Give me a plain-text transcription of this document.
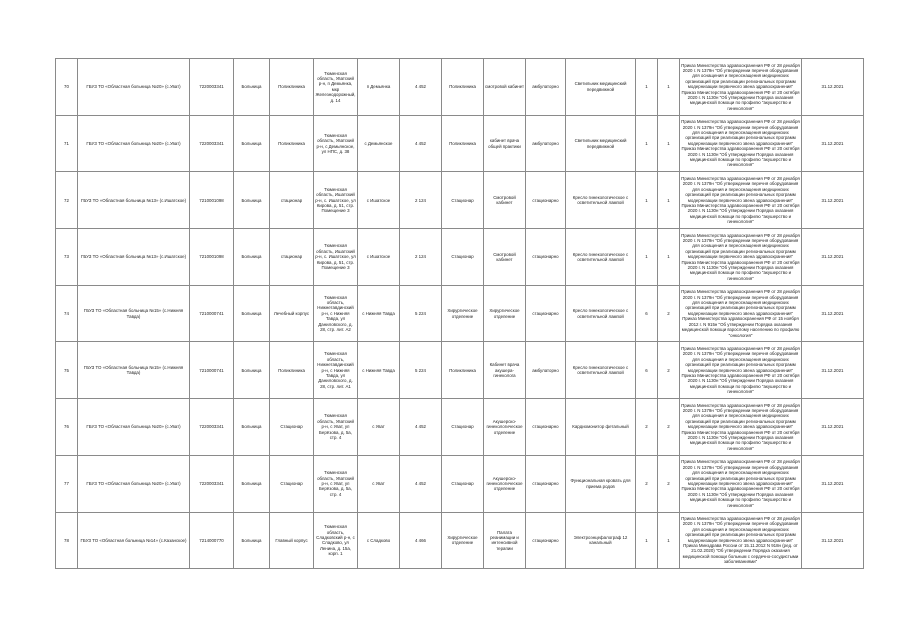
70	ГБУЗ ТО «Областная больница №20» (с.Уват)	7220003341	Больница	Поликлиника	Тюменская область, Уватский р-н, п Демьянка, мкр Железнодорожный, д. 14	п Демьянка	4 452	Поликлиника	смотровой кабинет	амбулаторно	Светильник медицинский передвижной	1	1	Приказ Министерства здравоохранения РФ от 28 декабря 2020 г. N 1379н "Об утверждении перечня оборудования для оснащения и переоснащения медицинских организаций при реализации региональных программ модернизации первичного звена здравоохранения" Приказ Министерства здравоохранения РФ от 20 октября 2020 г. N 1130н "Об утверждении Порядка оказания медицинской помощи по профилю "акушерство и гинекология"	31.12.2021
71	ГБУЗ ТО «Областная больница №20» (с.Уват)	7220003341	Больница	Поликлиника	Тюменская область, Уватский р-н, с Демьянское, ул НПС, д. 38	с Демьянское	4 452	Поликлиника	кабинет врача общей практики	амбулаторно	Светильник медицинский передвижной	1	1	Приказ Министерства здравоохранения РФ от 28 декабря 2020 г. N 1379н "Об утверждении перечня оборудования для оснащения и переоснащения медицинских организаций при реализации региональных программ модернизации первичного звена здравоохранения" Приказ Министерства здравоохранения РФ от 20 октября 2020 г. N 1130н "Об утверждении Порядка оказания медицинской помощи по профилю "акушерство и гинекология"	31.12.2021
72	ГБУЗ ТО «Областная больница №13» (с.Ишатское)	7210001098	Больница	стационар	Тюменская область, Ишатский р-н, с. Ишатское, ул Кирова, д. 51, стр. Помещение 3	с Ишатское	2 124	Стационар	Смотровой кабинет	стационарно	Кресло гинекологическое с осветительной лампой	1	1	Приказ Министерства здравоохранения РФ от 28 декабря 2020 г. N 1379н "Об утверждении перечня оборудования для оснащения и переоснащения медицинских организаций при реализации региональных программ модернизации первичного звена здравоохранения" Приказ Министерства здравоохранения РФ от 20 октября 2020 г. N 1130н "Об утверждении Порядка оказания медицинской помощи по профилю "акушерство и гинекология"	31.12.2021
73	ГБУЗ ТО «Областная больница №13» (с.Ишатское)	7210001098	Больница	стационар	Тюменская область, Ишатский р-н, с. Ишатское, ул Кирова, д. 51, стр. Помещение 3	с Ишатское	2 124	Стационар	Смотровой кабинет	стационарно	Кресло гинекологическое с осветительной лампой	1	1	Приказ Министерства здравоохранения РФ от 28 декабря 2020 г. N 1379н "Об утверждении перечня оборудования для оснащения и переоснащения медицинских организаций при реализации региональных программ модернизации первичного звена здравоохранения" Приказ Министерства здравоохранения РФ от 20 октября 2020 г. N 1130н "Об утверждении Порядка оказания медицинской помощи по профилю "акушерство и гинекология"	31.12.2021
74	ГБУЗ ТО «Областная больница №15» (с.Нижняя Тавда)	7210000741	Больница	Лечебный корпус	Тюменская область, Нижнетавдинский р-н, с Нижняя Тавда, ул Даниловского, д. 28, стр. лит. А2	с Нижняя Тавда	5 224	Хирургическое отделение	Хирургическое отделение	стационарно	Кресло гинекологическое с осветительной лампой	6	2	Приказ Министерства здравоохранения РФ от 28 декабря 2020 г. N 1379н "Об утверждении перечня оборудования для оснащения и переоснащения медицинских организаций при реализации региональных программ модернизации первичного звена здравоохранения" Приказ Министерства здравоохранения РФ от 15 ноября 2012 г. N 915н "Об утверждении Порядка оказания медицинской помощи взрослому населению по профилю "онкология"	31.12.2021
75	ГБУЗ ТО «Областная больница №15» (с.Нижняя Тавда)	7210000741	Больница	Поликлиника	Тюменская область, Нижнетавдинский р-н, с Нижняя Тавда, ул Даниловского, д. 28, стр. лит. А1	с Нижняя Тавда	5 224	Поликлиника	Кабинет врача акушера-гинеколога	амбулаторно	Кресло гинекологическое с осветительной лампой	6	2	Приказ Министерства здравоохранения РФ от 28 декабря 2020 г. N 1379н "Об утверждении перечня оборудования для оснащения и переоснащения медицинских организаций при реализации региональных программ модернизации первичного звена здравоохранения" Приказ Министерства здравоохранения РФ от 20 октября 2020 г. N 1130н "Об утверждении Порядка оказания медицинской помощи по профилю "акушерство и гинекология"	31.12.2021
76	ГБУЗ ТО «Областная больница №20» (с.Уват)	7220003341	Больница	Стационар	Тюменская область, Уватский р-н, с Уват, ул Берёзова, д. 5а, стр. 4	с Уват	4 452	Стационар	Акушерско-гинекологическое отделение	стационарно	Кардиомонитор фетальный	2	2	Приказ Министерства здравоохранения РФ от 28 декабря 2020 г. N 1379н "Об утверждении перечня оборудования для оснащения и переоснащения медицинских организаций при реализации региональных программ модернизации первичного звена здравоохранения" Приказ Министерства здравоохранения РФ от 20 октября 2020 г. N 1130н "Об утверждении Порядка оказания медицинской помощи по профилю "акушерство и гинекология"	31.12.2021
77	ГБУЗ ТО «Областная больница №20» (с.Уват)	7220003341	Больница	Стационар	Тюменская область, Уватский р-н, с Уват, ул Берёзова, д. 5а, стр. 4	с Уват	4 452	Стационар	Акушерско-гинекологическое отделение	стационарно	Функциональная кровать для приема родов	2	2	Приказ Министерства здравоохранения РФ от 28 декабря 2020 г. N 1379н "Об утверждении перечня оборудования для оснащения и переоснащения медицинских организаций при реализации региональных программ модернизации первичного звена здравоохранения" Приказ Министерства здравоохранения РФ от 20 октября 2020 г. N 1130н "Об утверждении Порядка оказания медицинской помощи по профилю "акушерство и гинекология"	31.12.2021
78	ГБУЗ ТО «Областная больница №14» (с.Казанское)	7214000770	Больница	Главный корпус	Тюменская область, Сладковский р-н, с Сладково, ул Ленина, д. 15а, корп. 1	с Сладково	4 466	Хирургическое отделение	Палата реанимации и интенсивной терапии	стационарно	Электроэнцефалограф 12 канальный	1	1	Приказ Министерства здравоохранения РФ от 28 декабря 2020 г. N 1379н "Об утверждении перечня оборудования для оснащения и переоснащения медицинских организаций при реализации региональных программ модернизации первичного звена здравоохранения" Приказ Минздрава России от 15.11.2012 N 918н (ред. от 21.02.2020) "Об утверждении Порядка оказания медицинской помощи больным с сердечно-сосудистыми заболеваниями"	31.12.2021
